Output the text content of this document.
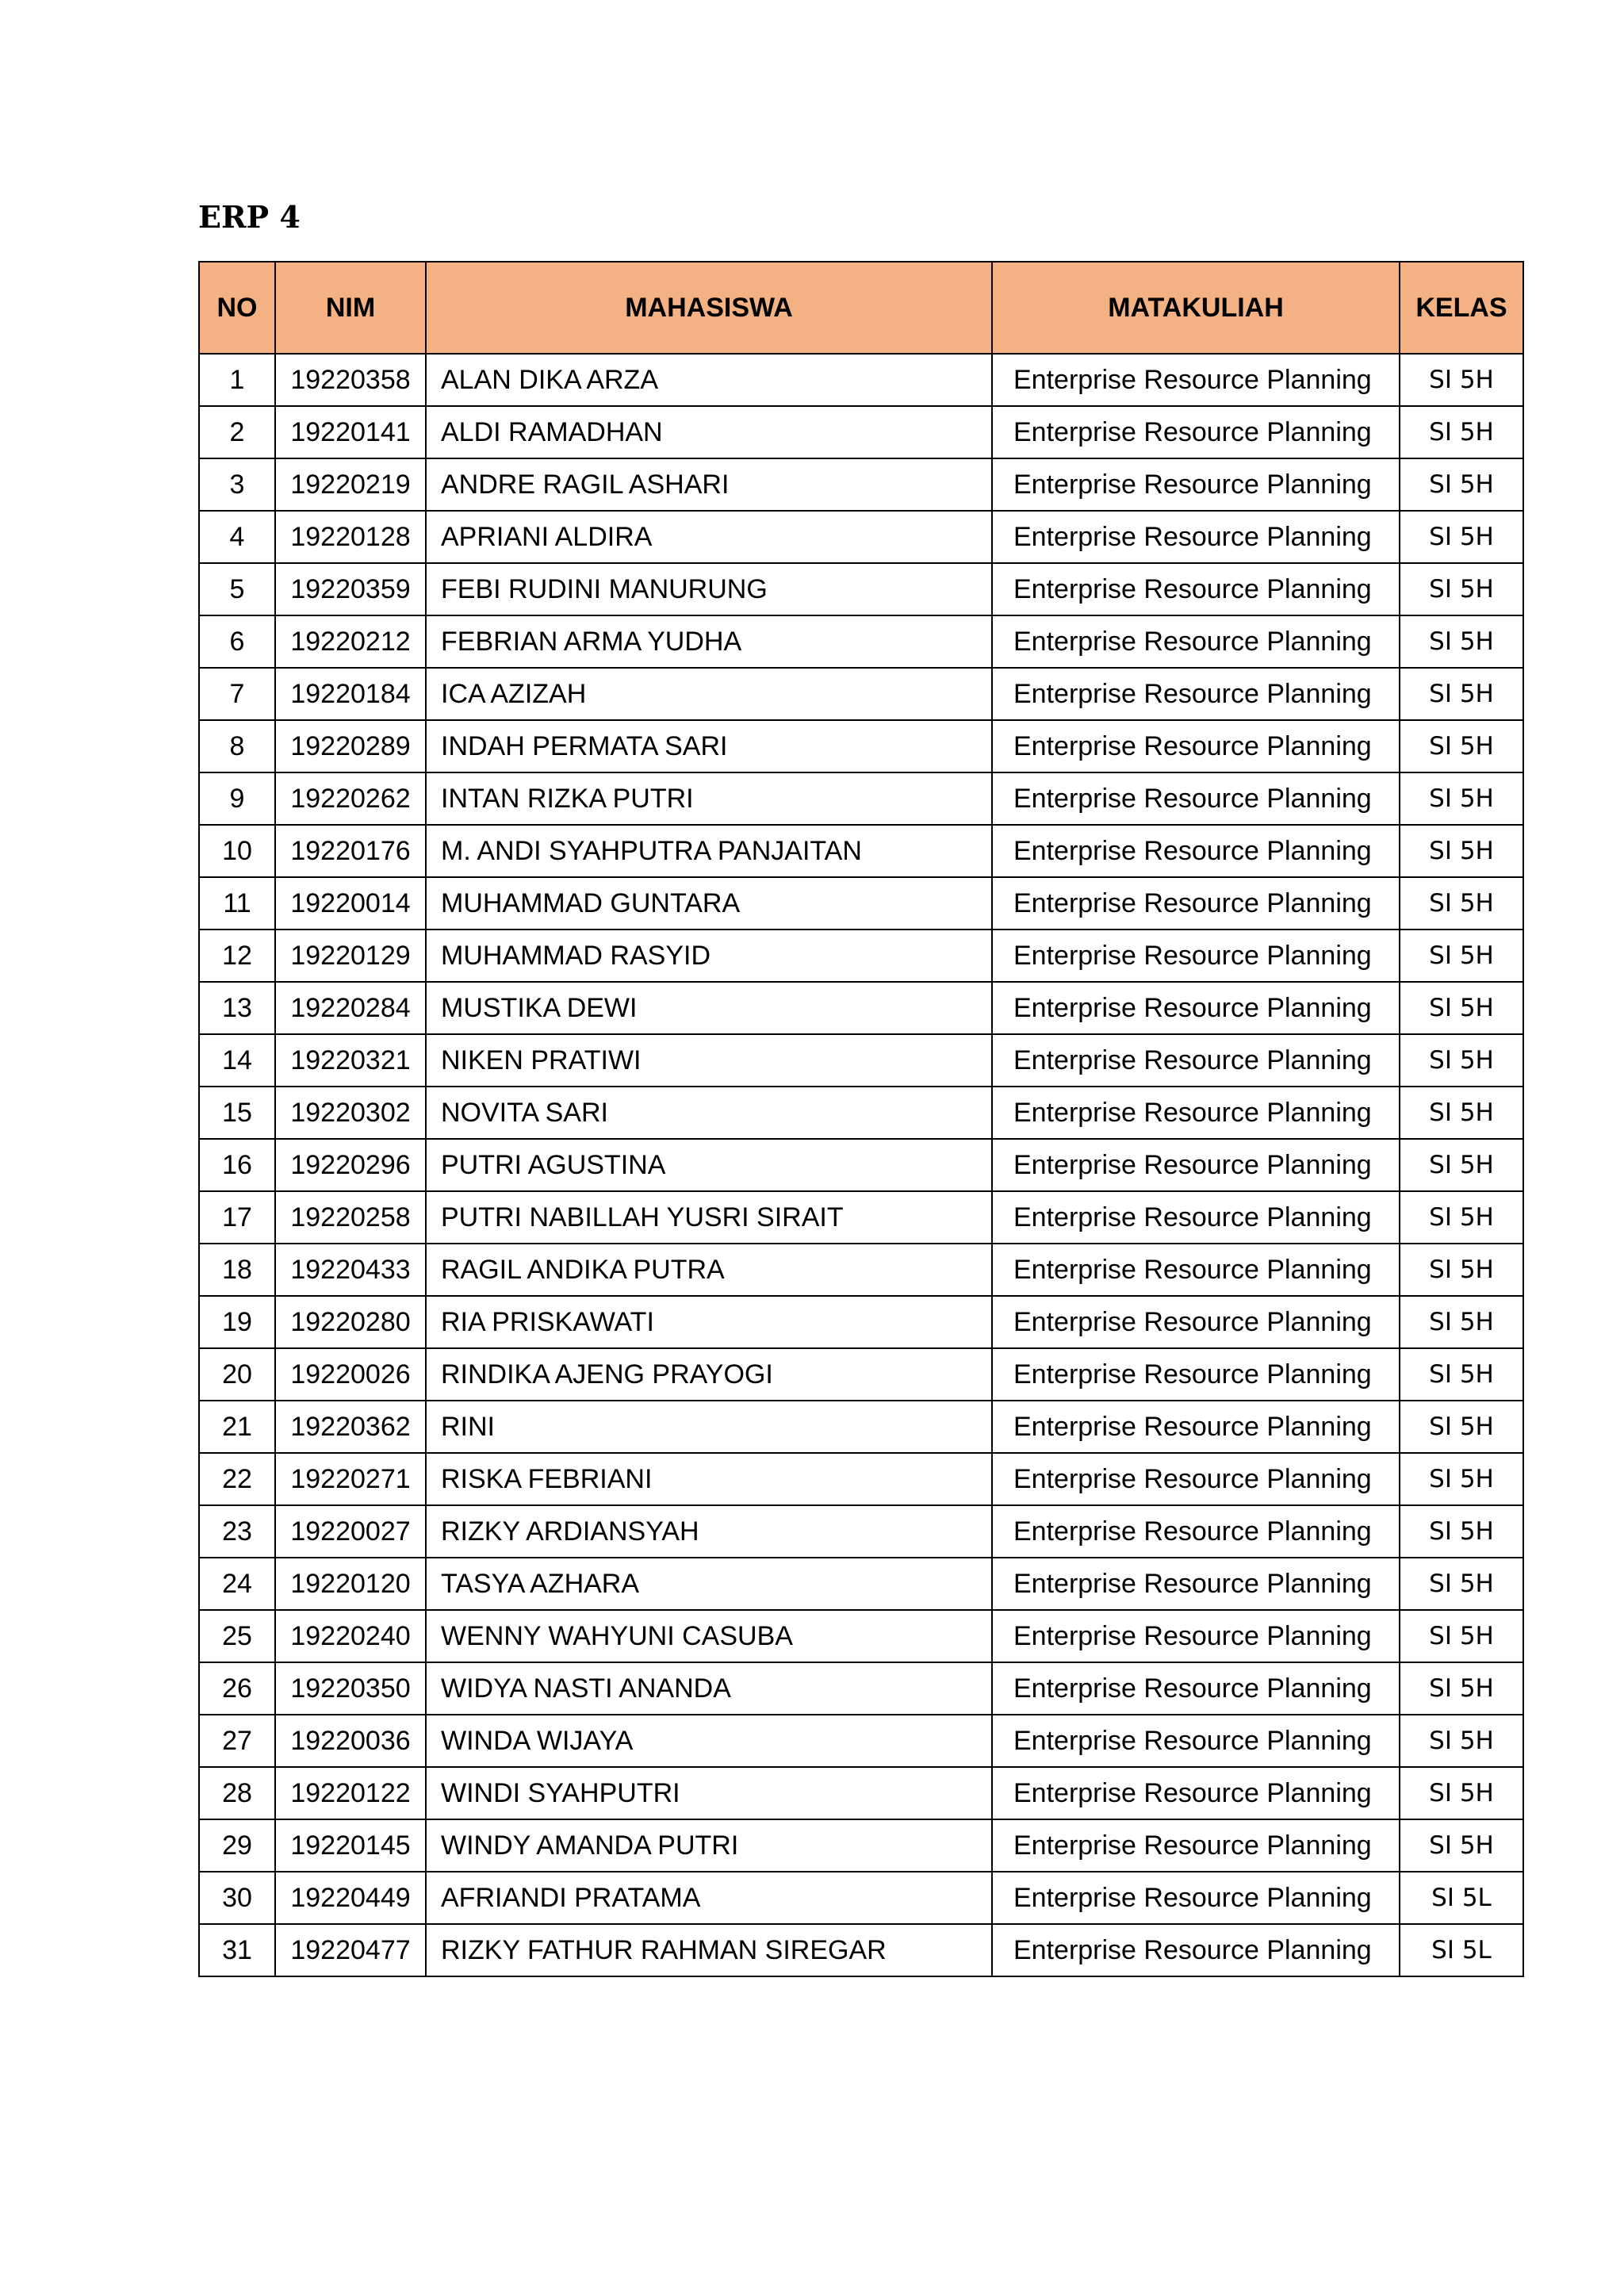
ERP 4
NO	NIM	MAHASISWA	MATAKULIAH	KELAS
1	19220358	ALAN DIKA ARZA	Enterprise Resource Planning	SI 5H
2	19220141	ALDI RAMADHAN	Enterprise Resource Planning	SI 5H
3	19220219	ANDRE RAGIL ASHARI	Enterprise Resource Planning	SI 5H
4	19220128	APRIANI ALDIRA	Enterprise Resource Planning	SI 5H
5	19220359	FEBI RUDINI MANURUNG	Enterprise Resource Planning	SI 5H
6	19220212	FEBRIAN ARMA YUDHA	Enterprise Resource Planning	SI 5H
7	19220184	ICA AZIZAH	Enterprise Resource Planning	SI 5H
8	19220289	INDAH PERMATA SARI	Enterprise Resource Planning	SI 5H
9	19220262	INTAN RIZKA PUTRI	Enterprise Resource Planning	SI 5H
10	19220176	M. ANDI SYAHPUTRA PANJAITAN	Enterprise Resource Planning	SI 5H
11	19220014	MUHAMMAD GUNTARA	Enterprise Resource Planning	SI 5H
12	19220129	MUHAMMAD RASYID	Enterprise Resource Planning	SI 5H
13	19220284	MUSTIKA DEWI	Enterprise Resource Planning	SI 5H
14	19220321	NIKEN PRATIWI	Enterprise Resource Planning	SI 5H
15	19220302	NOVITA SARI	Enterprise Resource Planning	SI 5H
16	19220296	PUTRI AGUSTINA	Enterprise Resource Planning	SI 5H
17	19220258	PUTRI NABILLAH YUSRI SIRAIT	Enterprise Resource Planning	SI 5H
18	19220433	RAGIL ANDIKA PUTRA	Enterprise Resource Planning	SI 5H
19	19220280	RIA PRISKAWATI	Enterprise Resource Planning	SI 5H
20	19220026	RINDIKA AJENG PRAYOGI	Enterprise Resource Planning	SI 5H
21	19220362	RINI	Enterprise Resource Planning	SI 5H
22	19220271	RISKA FEBRIANI	Enterprise Resource Planning	SI 5H
23	19220027	RIZKY ARDIANSYAH	Enterprise Resource Planning	SI 5H
24	19220120	TASYA AZHARA	Enterprise Resource Planning	SI 5H
25	19220240	WENNY WAHYUNI CASUBA	Enterprise Resource Planning	SI 5H
26	19220350	WIDYA NASTI ANANDA	Enterprise Resource Planning	SI 5H
27	19220036	WINDA WIJAYA	Enterprise Resource Planning	SI 5H
28	19220122	WINDI SYAHPUTRI	Enterprise Resource Planning	SI 5H
29	19220145	WINDY AMANDA PUTRI	Enterprise Resource Planning	SI 5H
30	19220449	AFRIANDI PRATAMA	Enterprise Resource Planning	SI 5L
31	19220477	RIZKY FATHUR RAHMAN SIREGAR	Enterprise Resource Planning	SI 5L
